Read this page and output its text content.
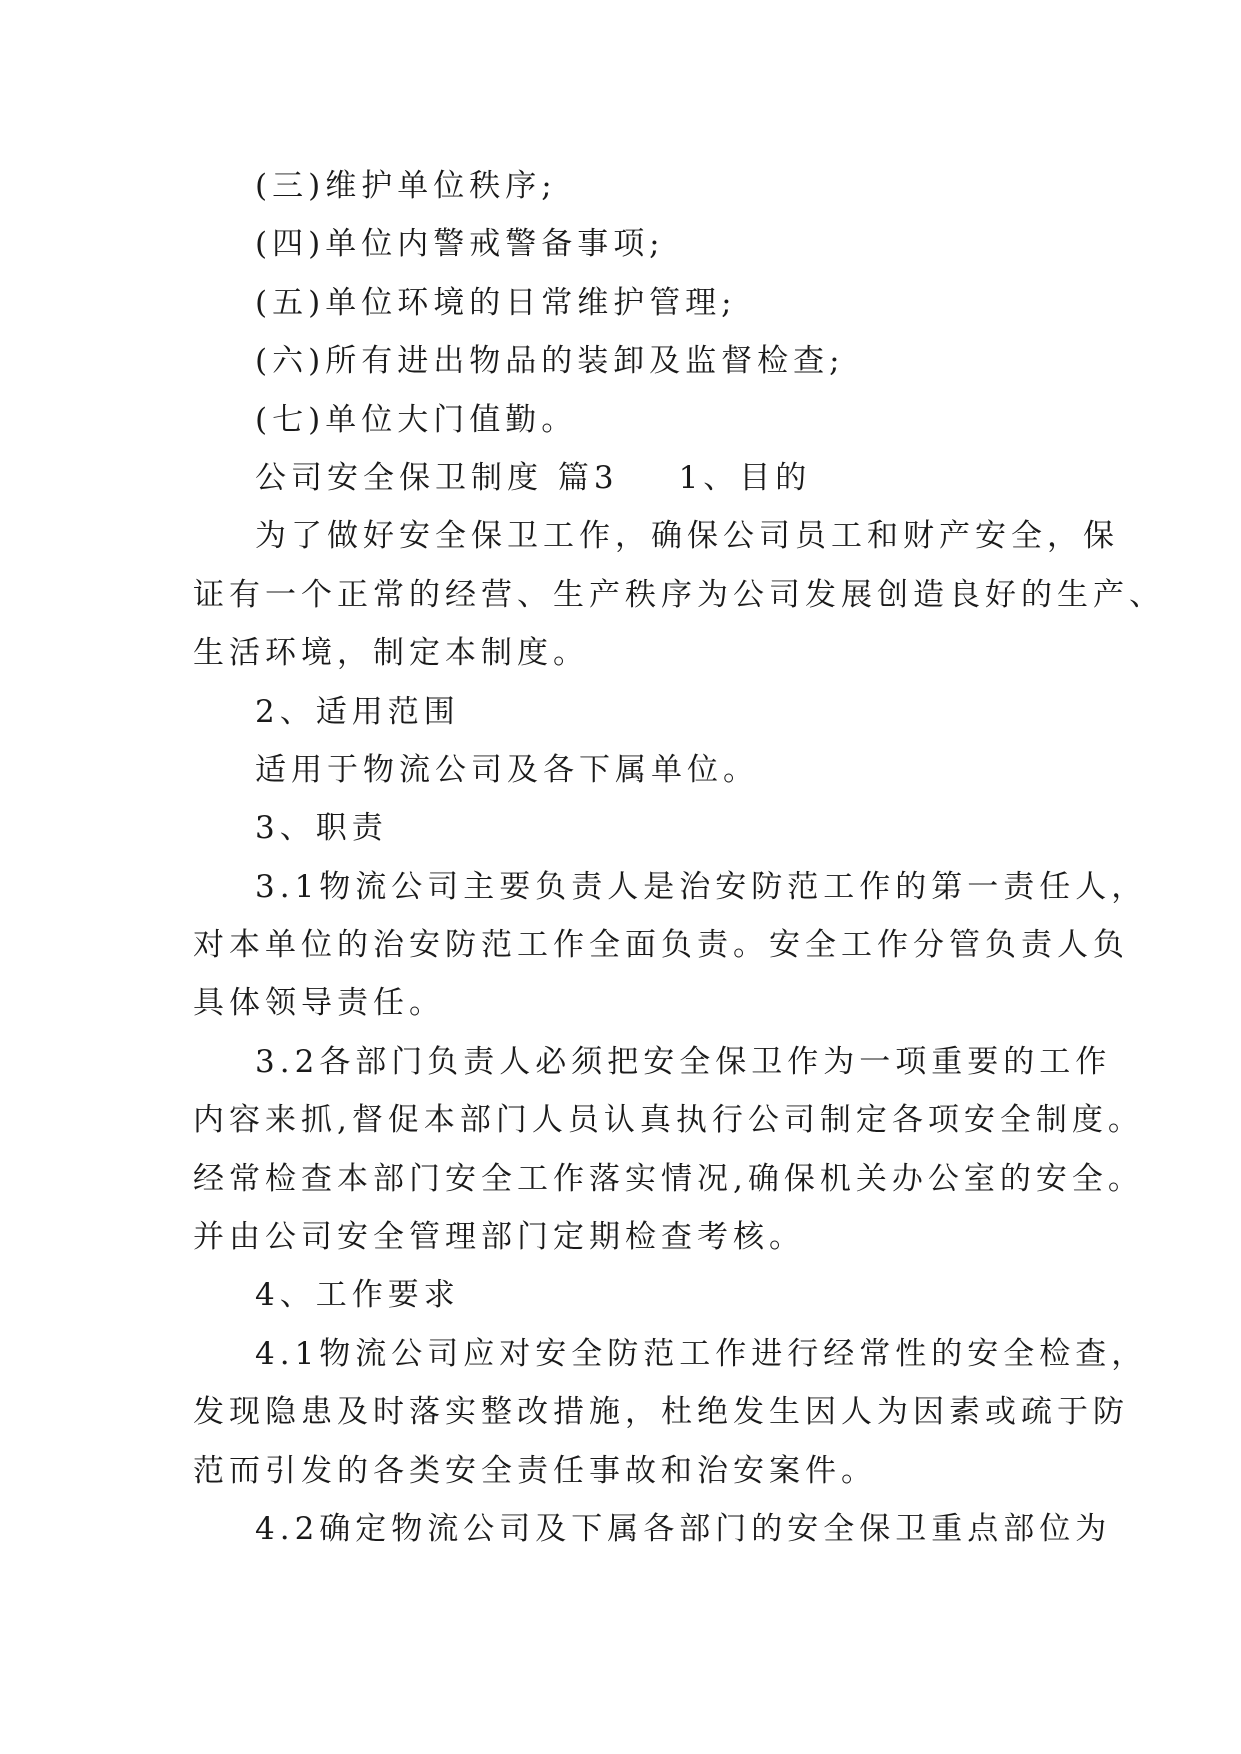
(三)维护单位秩序;
(四)单位内警戒警备事项;
(五)单位环境的日常维护管理;
(六)所有进出物品的装卸及监督检查;
(七)单位大门值勤。
公司安全保卫制度 篇3 1、目的
为了做好安全保卫工作，确保公司员工和财产安全，保
证有一个正常的经营、生产秩序为公司发展创造良好的生产、
生活环境，制定本制度。
2、适用范围
适用于物流公司及各下属单位。
3、职责
3.1物流公司主要负责人是治安防范工作的第一责任人，
对本单位的治安防范工作全面负责。安全工作分管负责人负
具体领导责任。
3.2各部门负责人必须把安全保卫作为一项重要的工作
内容来抓,督促本部门人员认真执行公司制定各项安全制度。
经常检查本部门安全工作落实情况,确保机关办公室的安全。
并由公司安全管理部门定期检查考核。
4、工作要求
4.1物流公司应对安全防范工作进行经常性的安全检查，
发现隐患及时落实整改措施，杜绝发生因人为因素或疏于防
范而引发的各类安全责任事故和治安案件。
4.2确定物流公司及下属各部门的安全保卫重点部位为
